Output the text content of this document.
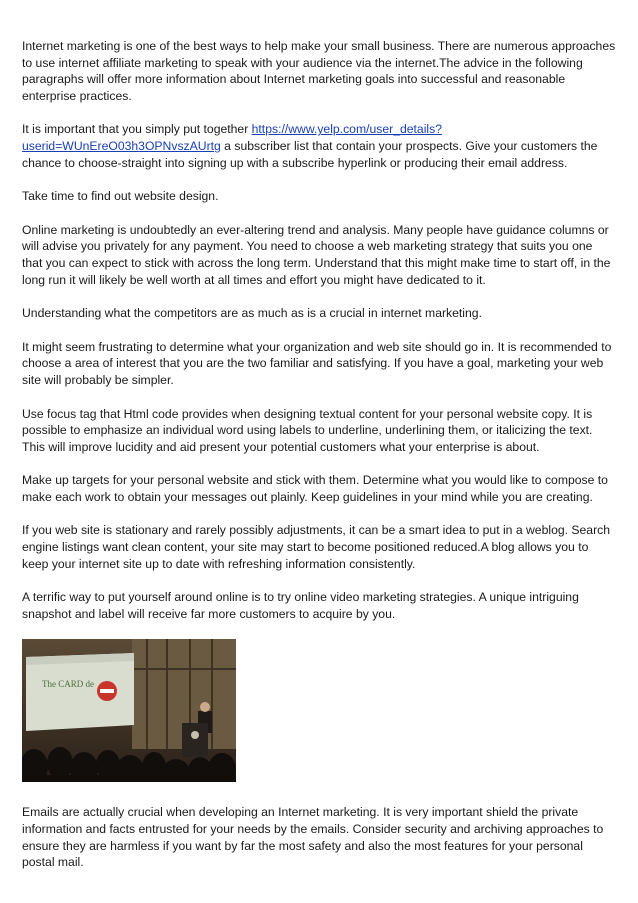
Internet marketing is one of the best ways to help make your small business. There are numerous approaches to use internet affiliate marketing to speak with your audience via the internet.The advice in the following paragraphs will offer more information about Internet marketing goals into successful and reasonable enterprise practices.

It is important that you simply put together https://www.yelp.com/user_details?userid=WUnEreO03h3OPNvszAUrtg a subscriber list that contain your prospects. Give your customers the chance to choose-straight into signing up with a subscribe hyperlink or producing their email address.

Take time to find out website design.

Online marketing is undoubtedly an ever-altering trend and analysis. Many people have guidance columns or will advise you privately for any payment. You need to choose a web marketing strategy that suits you one that you can expect to stick with across the long term. Understand that this might make time to start off, in the long run it will likely be well worth at all times and effort you might have dedicated to it.

Understanding what the competitors are as much as is a crucial in internet marketing.

It might seem frustrating to determine what your organization and web site should go in. It is recommended to choose a area of interest that you are the two familiar and satisfying. If you have a goal, marketing your web site will probably be simpler.

Use focus tag that Html code provides when designing textual content for your personal website copy. It is possible to emphasize an individual word using labels to underline, underlining them, or italicizing the text. This will improve lucidity and aid present your potential customers what your enterprise is about.

Make up targets for your personal website and stick with them. Determine what you would like to compose to make each work to obtain your messages out plainly. Keep guidelines in your mind while you are creating.

If you web site is stationary and rarely possibly adjustments, it can be a smart idea to put in a weblog. Search engine listings want clean content, your site may start to become positioned reduced.A blog allows you to keep your internet site up to date with refreshing information consistently.

A terrific way to put yourself around online is to try online video marketing strategies. A unique intriguing snapshot and label will receive far more customers to acquire by you.

The CARD de

Emails are actually crucial when developing an Internet marketing. It is very important shield the private information and facts entrusted for your needs by the emails. Consider security and archiving approaches to ensure they are harmless if you want by far the most safety and also the most features for your personal postal mail.
